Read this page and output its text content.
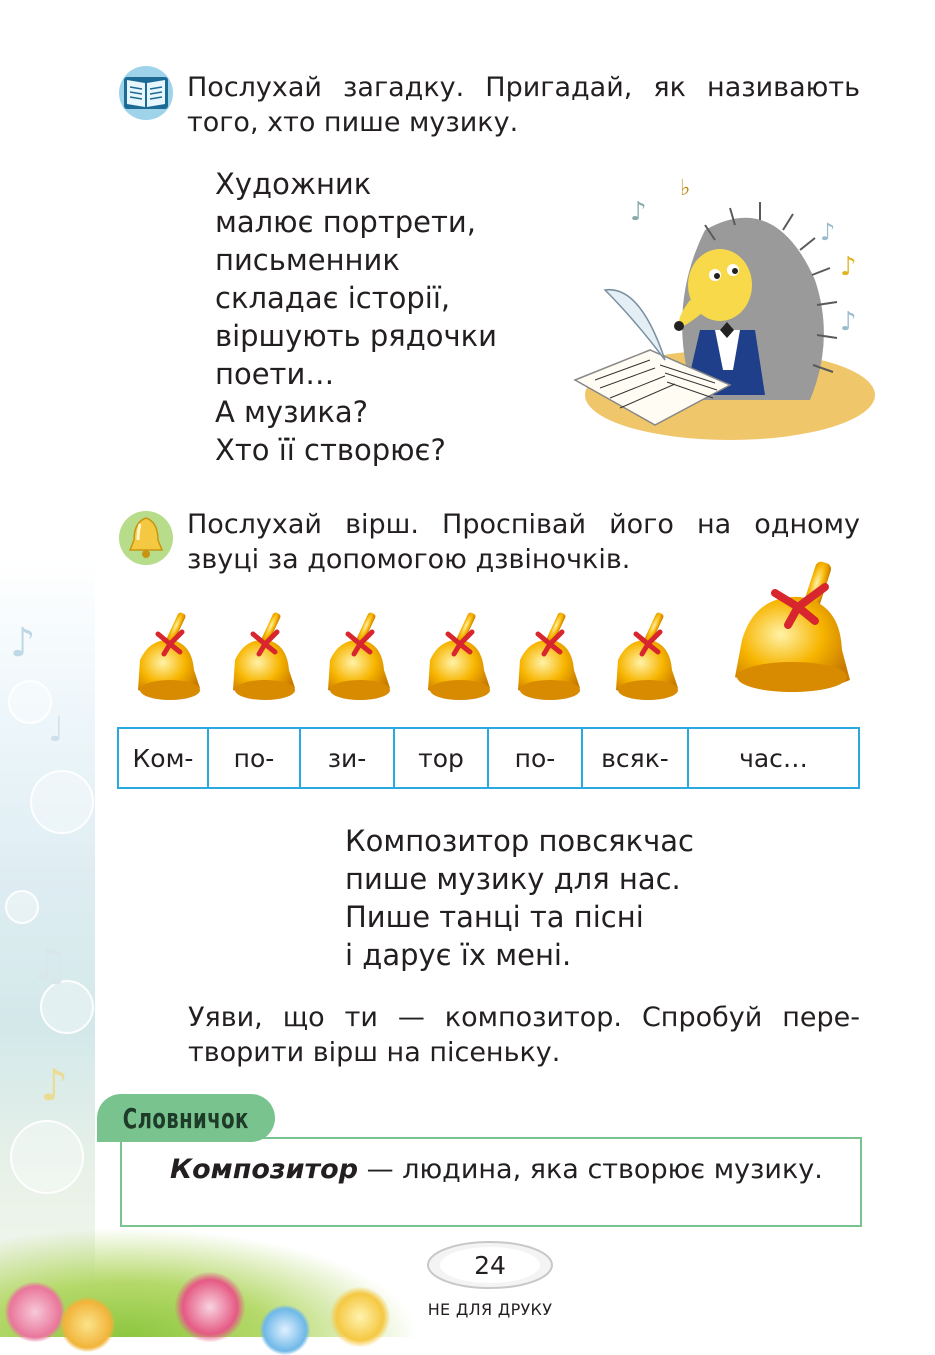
♪
♩
♫
♪

Послухай загадку. Пригадай, як називають того, хто пише музику.

Художник
малює портрети,
письменник
складає історії,
віршують рядочки
поети…
А музика?
Хто її створює?
♭
♪
♪
♪
♪

Послухай вірш. Проспівай його на одному звуці за допомогою дзвіночків.

Ком-	по-	зи-	тор	по-	всяк-	час…
Композитор повсякчас
пише музику для нас.
Пише танці та пісні
і дарує їх мені.
Уяви, що ти — композитор. Спробуй пере-
творити вірш на пісеньку.

Композитор — людина, яка створює музику.

Словничок
24
НЕ ДЛЯ ДРУКУ
